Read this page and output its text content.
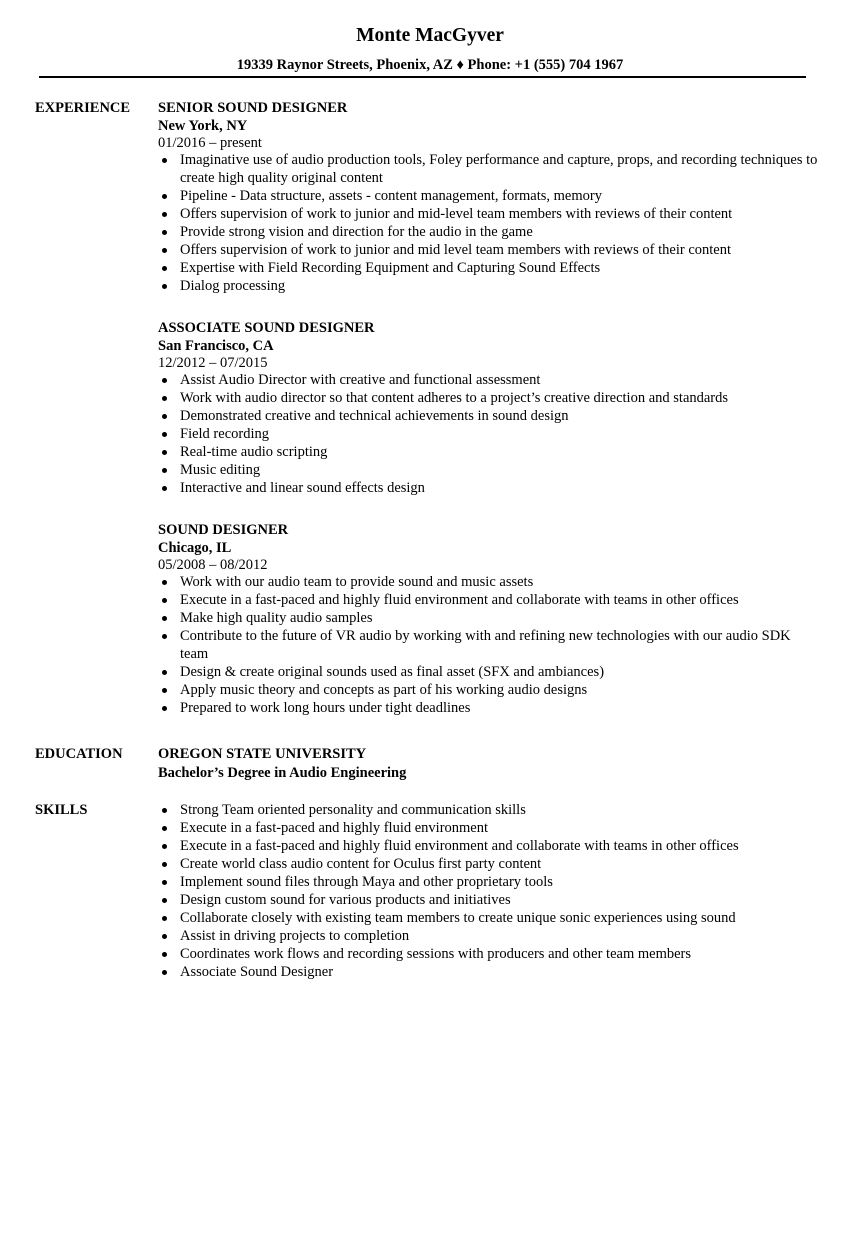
Monte MacGyver
19339 Raynor Streets, Phoenix, AZ ♦ Phone: +1 (555) 704 1967
EXPERIENCE SENIOR SOUND DESIGNER
New York, NY
01/2016 – present
Imaginative use of audio production tools, Foley performance and capture, props, and recording techniques to create high quality original content
Pipeline - Data structure, assets - content management, formats, memory
Offers supervision of work to junior and mid-level team members with reviews of their content
Provide strong vision and direction for the audio in the game
Offers supervision of work to junior and mid level team members with reviews of their content
Expertise with Field Recording Equipment and Capturing Sound Effects
Dialog processing
ASSOCIATE SOUND DESIGNER
San Francisco, CA
12/2012 – 07/2015
Assist Audio Director with creative and functional assessment
Work with audio director so that content adheres to a project’s creative direction and standards
Demonstrated creative and technical achievements in sound design
Field recording
Real-time audio scripting
Music editing
Interactive and linear sound effects design
SOUND DESIGNER
Chicago, IL
05/2008 – 08/2012
Work with our audio team to provide sound and music assets
Execute in a fast-paced and highly fluid environment and collaborate with teams in other offices
Make high quality audio samples
Contribute to the future of VR audio by working with and refining new technologies with our audio SDK team
Design & create original sounds used as final asset (SFX and ambiances)
Apply music theory and concepts as part of his working audio designs
Prepared to work long hours under tight deadlines
EDUCATION OREGON STATE UNIVERSITY
Bachelor’s Degree in Audio Engineering
SKILLS	Strong Team oriented personality and communication skills
Execute in a fast-paced and highly fluid environment
Execute in a fast-paced and highly fluid environment and collaborate with teams in other offices
Create world class audio content for Oculus first party content
Implement sound files through Maya and other proprietary tools
Design custom sound for various products and initiatives
Collaborate closely with existing team members to create unique sonic experiences using sound
Assist in driving projects to completion
Coordinates work flows and recording sessions with producers and other team members
Associate Sound Designer
